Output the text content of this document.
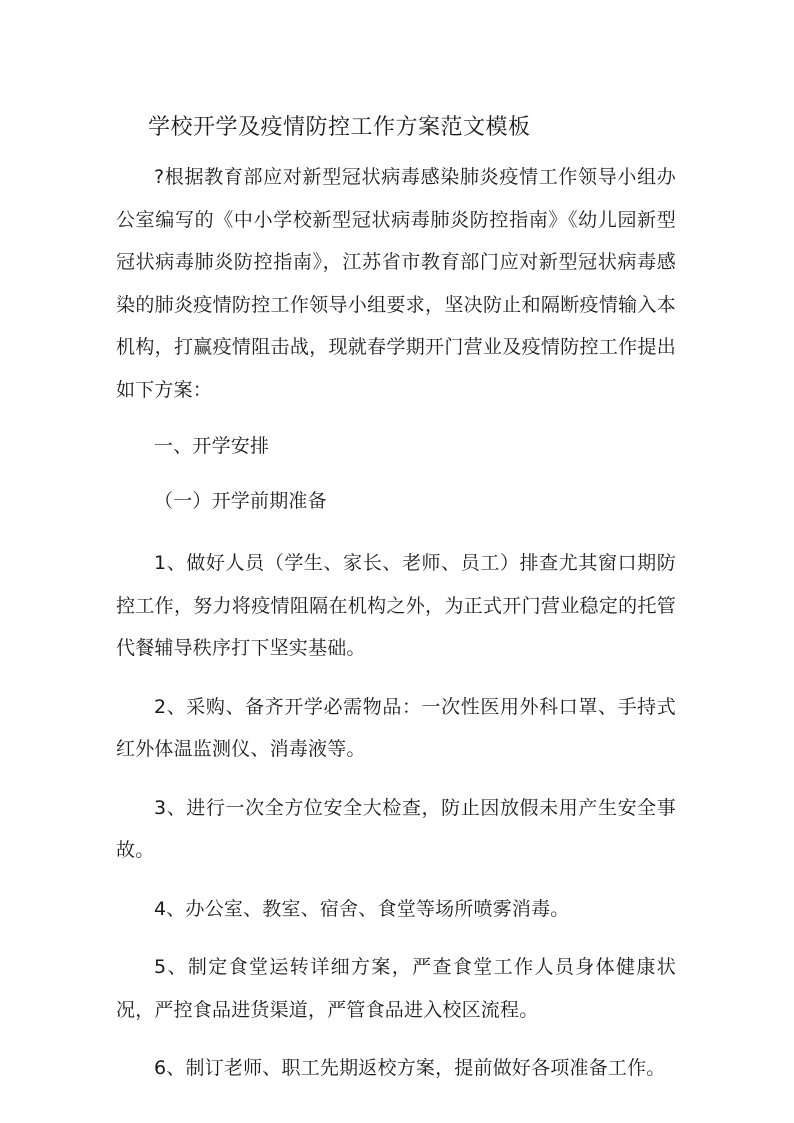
学校开学及疫情防控工作方案范文模板

?根据教育部应对新型冠状病毒感染肺炎疫情工作领导小组办公室编写的《中小学校新型冠状病毒肺炎防控指南》《幼儿园新型冠状病毒肺炎防控指南》，江苏省市教育部门应对新型冠状病毒感染的肺炎疫情防控工作领导小组要求，坚决防止和隔断疫情输入本机构，打赢疫情阻击战，现就春学期开门营业及疫情防控工作提出如下方案：

一、开学安排

（一）开学前期准备

1、做好人员（学生、家长、老师、员工）排查尤其窗口期防控工作，努力将疫情阻隔在机构之外，为正式开门营业稳定的托管代餐辅导秩序打下坚实基础。

2、采购、备齐开学必需物品：一次性医用外科口罩、手持式红外体温监测仪、消毒液等。

3、进行一次全方位安全大检查，防止因放假未用产生安全事故。

4、办公室、教室、宿舍、食堂等场所喷雾消毒。

5、制定食堂运转详细方案，严查食堂工作人员身体健康状况，严控食品进货渠道，严管食品进入校区流程。

6、制订老师、职工先期返校方案，提前做好各项准备工作。
